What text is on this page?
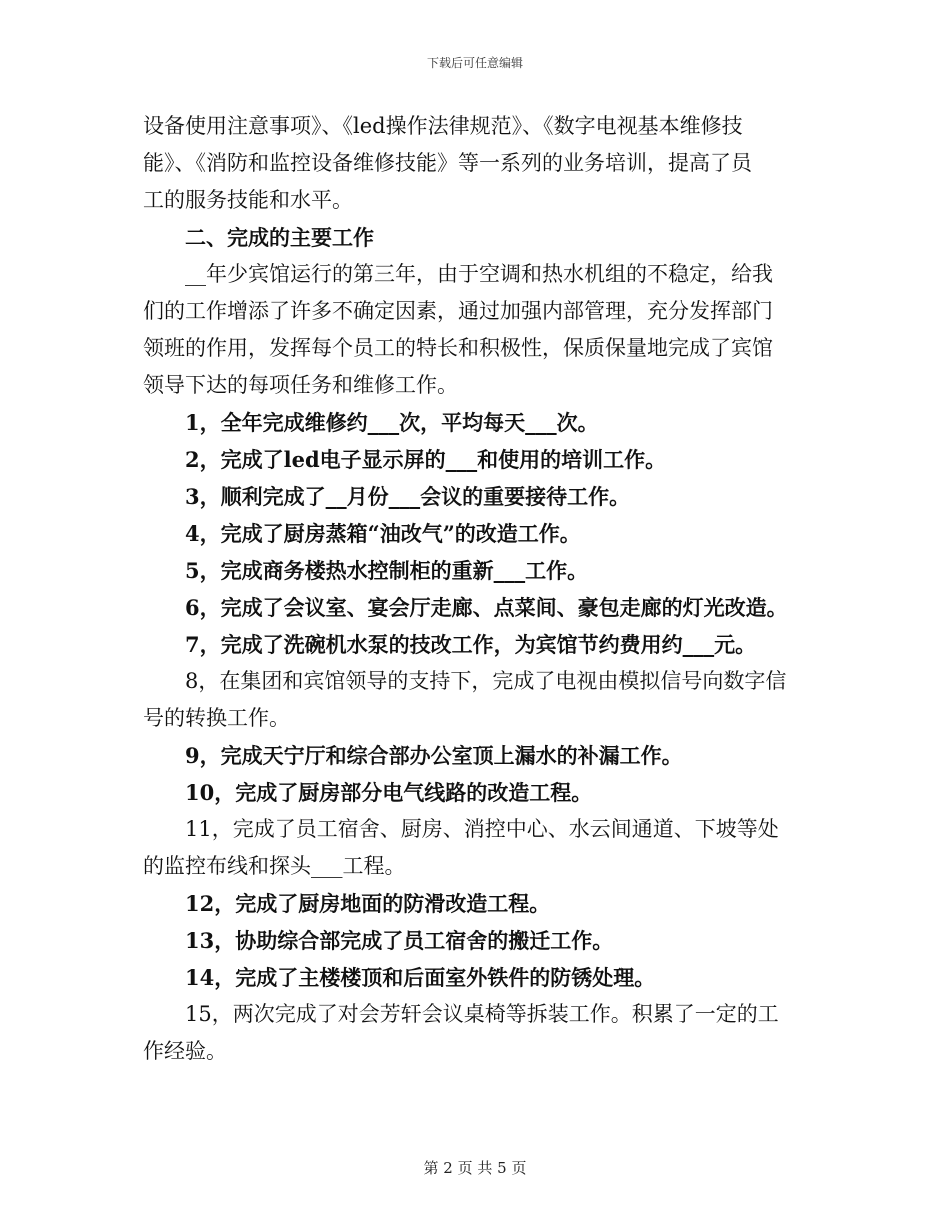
下载后可任意编辑

设备使用注意事项》、《led操作法律规范》、《数字电视基本维修技

能》、《消防和监控设备维修技能》等一系列的业务培训，提高了员

工的服务技能和水平。

二、完成的主要工作

__年少宾馆运行的第三年，由于空调和热水机组的不稳定，给我

们的工作增添了许多不确定因素，通过加强内部管理，充分发挥部门

领班的作用，发挥每个员工的特长和积极性，保质保量地完成了宾馆

领导下达的每项任务和维修工作。

1，全年完成维修约___次，平均每天___次。

2，完成了led电子显示屏的___和使用的培训工作。

3，顺利完成了__月份___会议的重要接待工作。

4，完成了厨房蒸箱“油改气”的改造工作。

5，完成商务楼热水控制柜的重新___工作。

6，完成了会议室、宴会厅走廊、点菜间、豪包走廊的灯光改造。

7，完成了洗碗机水泵的技改工作，为宾馆节约费用约___元。

8，在集团和宾馆领导的支持下，完成了电视由模拟信号向数字信

号的转换工作。

9，完成天宁厅和综合部办公室顶上漏水的补漏工作。

10，完成了厨房部分电气线路的改造工程。

11，完成了员工宿舍、厨房、消控中心、水云间通道、下坡等处

的监控布线和探头___工程。

12，完成了厨房地面的防滑改造工程。

13，协助综合部完成了员工宿舍的搬迁工作。

14，完成了主楼楼顶和后面室外铁件的防锈处理。

15，两次完成了对会芳轩会议桌椅等拆装工作。积累了一定的工

作经验。

第 2 页 共 5 页
